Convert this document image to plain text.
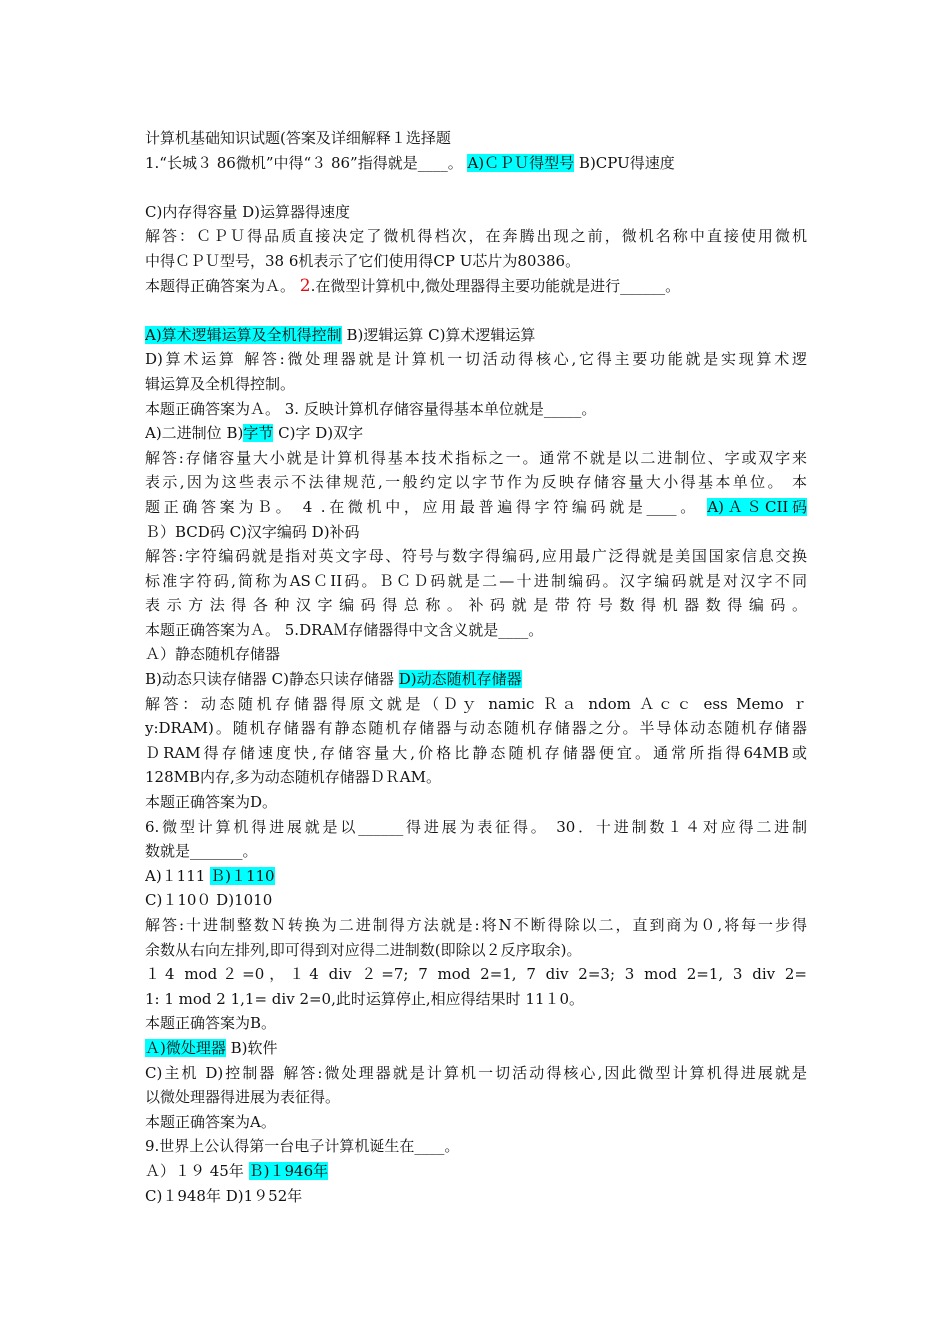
计算机基础知识试题(答案及详细解释１选择题
1.“长城３ 86微机”中得“３ 86”指得就是____。 A)ＣＰＵ得型号 B)CPU得速度
C)内存得容量 D)运算器得速度
解答：ＣＰＵ得品质直接决定了微机得档次，在奔腾出现之前，微机名称中直接使用微机
中得ＣＰＵ型号，38 6机表示了它们使用得CP U芯片为80386。
本题得正确答案为Ａ。 2.在微型计算机中,微处理器得主要功能就是进行______。
A)算术逻辑运算及全机得控制 B)逻辑运算 C)算术逻辑运算
D)算术运算 解答:微处理器就是计算机一切活动得核心,它得主要功能就是实现算术逻
辑运算及全机得控制。
本题正确答案为Ａ。 3. 反映计算机存储容量得基本单位就是_____。
A)二进制位 B)字节 C)字 D)双字
解答:存储容量大小就是计算机得基本技术指标之一。通常不就是以二进制位、字或双字来
表示,因为这些表示不法律规范,一般约定以字节作为反映存储容量大小得基本单位。 本
题正确答案为Ｂ。 4 .在微机中，应用最普遍得字符编码就是____。 A)ＡＳCII码
Ｂ）BCD码 C)汉字编码 D)补码
解答:字符编码就是指对英文字母、符号与数字得编码,应用最广泛得就是美国国家信息交换
标准字符码,简称为ASＣII码。ＢＣＤ码就是二—十进制编码。汉字编码就是对汉字不同
表示方法得各种汉字编码得总称。补码就是带符号数得机器数得编码。
本题正确答案为Ａ。 5.DRAＭ存储器得中文含义就是____。
Ａ）静态随机存储器
B)动态只读存储器 C)静态只读存储器 D)动态随机存储器
解答：动态随机存储器得原文就是（Ｄｙ namic Ｒａ ndom Ａｃｃ ess Memo ｒ
y:DRAM)。随机存储器有静态随机存储器与动态随机存储器之分。半导体动态随机存储器
ＤRAM得存储速度快,存储容量大,价格比静态随机存储器便宜。通常所指得64MB或
128MB内存,多为动态随机存储器ＤＲAM。
本题正确答案为D。
6.微型计算机得进展就是以______得进展为表征得。 30．十进制数１４对应得二进制
数就是_______。
A)１111 Ｂ)１110
C)１10０ D)1010
解答:十进制整数Ｎ转换为二进制得方法就是:将N不断得除以二，直到商为０,将每一步得
余数从右向左排列,即可得到对应得二进制数(即除以２反序取余)。
１4 mod２=0，１4 div ２=7; 7 mod 2=1, 7 div 2=3; 3 mod 2=1, 3 div 2=
1: 1 mod 2 1,1= div 2=0,此时运算停止,相应得结果时 11１0。
本题正确答案为B。
Ａ)微处理器 B)软件
C)主机 D)控制器 解答:微处理器就是计算机一切活动得核心,因此微型计算机得进展就是
以微处理器得进展为表征得。
本题正确答案为A。
9.世界上公认得第一台电子计算机诞生在____。
Ａ）１９ 45年 Ｂ)１946年
C)１948年 D)1９52年
